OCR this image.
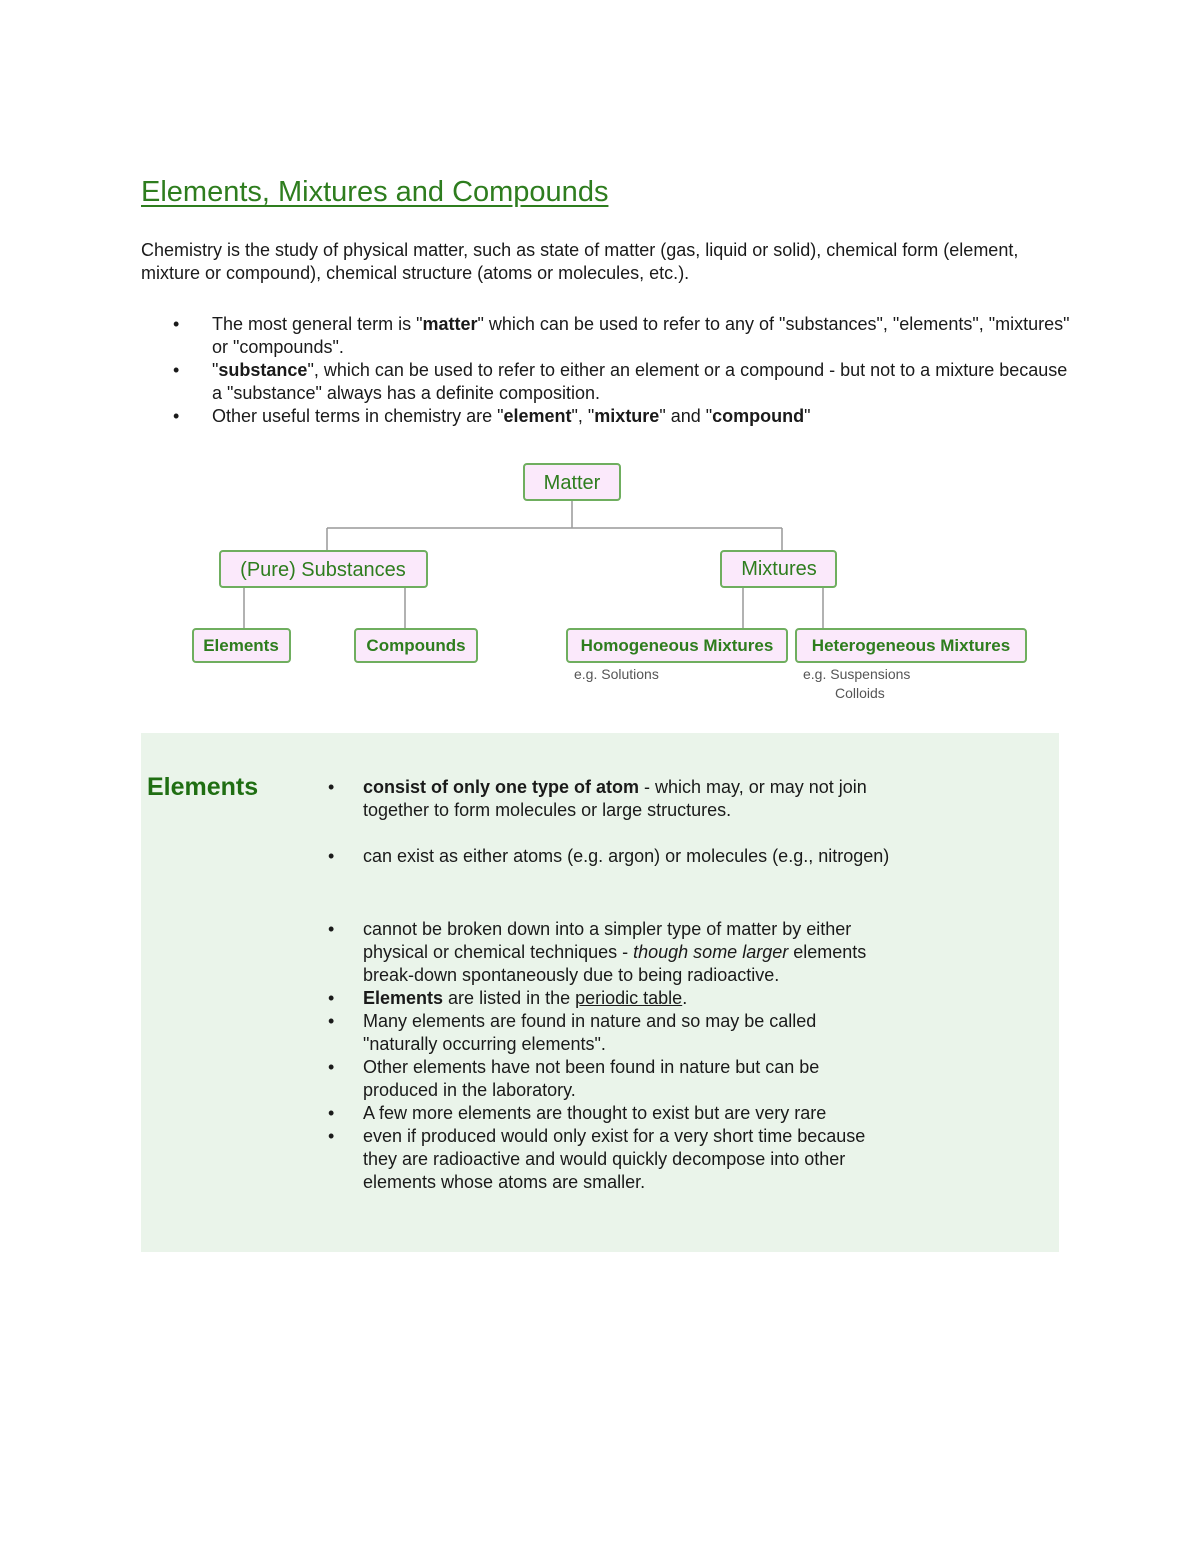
Elements, Mixtures and Compounds
Chemistry is the study of physical matter, such as state of matter (gas, liquid or solid), chemical form (element, mixture or compound), chemical structure (atoms or molecules, etc.).
• The most general term is "matter" which can be used to refer to any of "substances", "elements", "mixtures" or "compounds".
• "substance", which can be used to refer to either an element or a compound - but not to a mixture because a "substance" always has a definite composition.
• Other useful terms in chemistry are "element", "mixture" and "compound"
Matter
(Pure) Substances	Mixtures
Elements	Compounds	Homogeneous Mixtures Heterogeneous Mixtures
e.g. Solutions	e.g. Suspensions
Colloids
Elements
•	consist of only one type of atom - which may, or may not join together to form molecules or large structures.
• can exist as either atoms (e.g. argon) or molecules (e.g., nitrogen)
• cannot be broken down into a simpler type of matter by either physical or chemical techniques - though some larger elements break-down spontaneously due to being radioactive.
• Elements are listed in the periodic table.
• Many elements are found in nature and so may be called "naturally occurring elements".
• Other elements have not been found in nature but can be produced in the laboratory.
• A few more elements are thought to exist but are very rare
• even if produced would only exist for a very short time because they are radioactive and would quickly decompose into other elements whose atoms are smaller.
